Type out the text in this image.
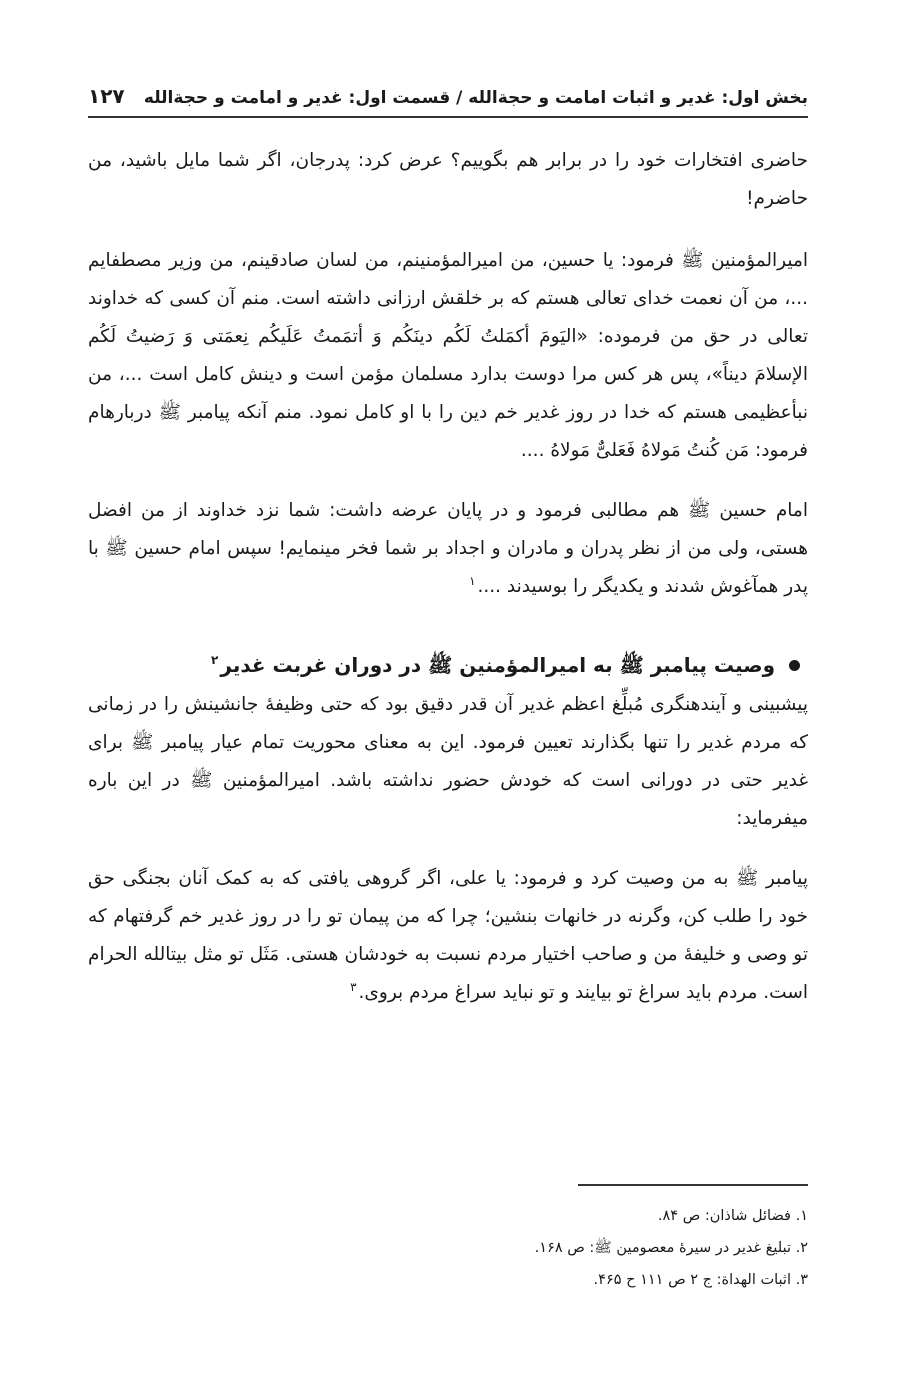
بخش اول: غدیر و اثبات امامت و حجةالله / قسمت اول: غدیر و امامت و حجةالله
۱۲۷

حاضری افتخارات خود را در برابر هم بگوییم؟ عرض کرد: پدرجان، اگر شما مایل باشید، من حاضرم!

امیرالمؤمنین ﷺ فرمود: یا حسین، من امیرالمؤمنینم، من لسان صادقینم، من وزیر مصطفایم ...، من آن نعمت خدای تعالی هستم که بر خلقش ارزانی داشته است. منم آن کسی که خداوند تعالی در حق من فرموده: «الیَومَ أکمَلتُ لَکُم دینَکُم وَ أتمَمتُ عَلَیکُم نِعمَتی وَ رَضیتُ لَکُم الإسلامَ دیناً»، پس هر کس مرا دوست بدارد مسلمان مؤمن است و دینش کامل است ...، من نبأعظیمی هستم که خدا در روز غدیر خم دین را با او کامل نمود. منم آنکه پیامبر ﷺ دربارهام فرمود: مَن کُنتُ مَولاهُ فَعَلیٌّ مَولاهُ ....

امام حسین ﷺ هم مطالبی فرمود و در پایان عرضه داشت: شما نزد خداوند از من افضل هستی، ولی من از نظر پدران و مادران و اجداد بر شما فخر مینمایم! سپس امام حسین ﷺ با پدر همآغوش شدند و یکدیگر را بوسیدند ....$^۱$

وصیت پیامبر ﷺ به امیرالمؤمنین ﷺ در دوران غربت غدیر$^۲$

پیشبینی و آیندهنگری مُبلِّغ اعظم غدیر آن قدر دقیق بود که حتی وظیفهٔ جانشینش را در زمانی که مردم غدیر را تنها بگذارند تعیین فرمود. این به معنای محوریت تمام عیار پیامبر ﷺ برای غدیر حتی در دورانی است که خودش حضور نداشته باشد. امیرالمؤمنین ﷺ در این باره میفرماید:

پیامبر ﷺ به من وصیت کرد و فرمود: یا علی، اگر گروهی یافتی که به کمک آنان بجنگی حق خود را طلب کن، وگرنه در خانهات بنشین؛ چرا که من پیمان تو را در روز غدیر خم گرفتهام که تو وصی و خلیفهٔ من و صاحب اختیار مردم نسبت به خودشان هستی. مَثَل تو مثل بیتالله الحرام است. مردم باید سراغ تو بیایند و تو نباید سراغ مردم بروی.$^۳$

۱. فضائل شاذان: ص ۸۴.
۲. تبلیغ غدیر در سیرهٔ معصومین ﷺ: ص ۱۶۸.
۳. اثبات الهداة: ج ۲ ص ۱۱۱ ح ۴۶۵.
